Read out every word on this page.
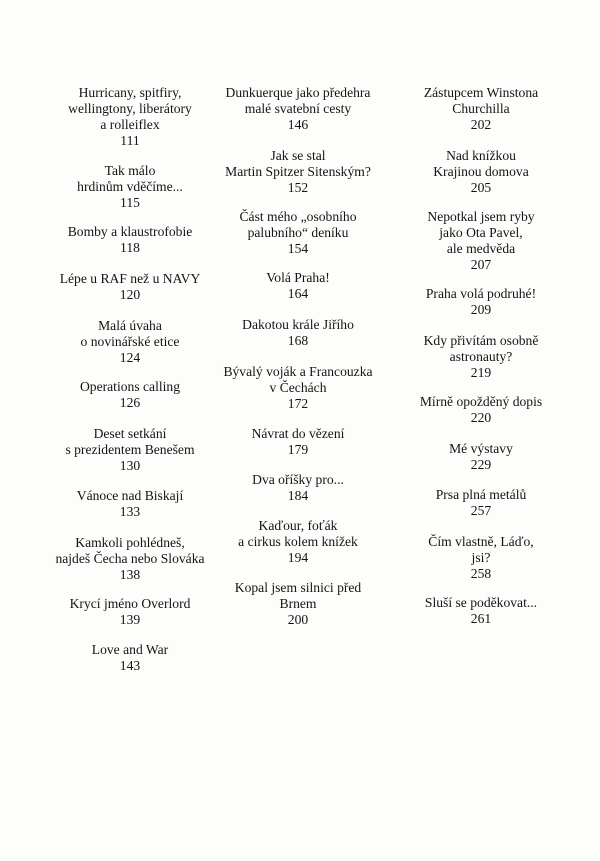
Hurricany, spitfiry,
wellingtony, liberátory
a rolleiflex
111
Tak málo
hrdinům vděčíme...
115
Bomby a klaustrofobie
118
Lépe u RAF než u NAVY
120
Malá úvaha
o novinářské etice
124
Operations calling
126
Deset setkání
s prezidentem Benešem
130
Vánoce nad Biskají
133
Kamkoli pohlédneš,
najdeš Čecha nebo Slováka
138
Krycí jméno Overlord
139
Love and War
143
Dunkuerque jako předehra
malé svatební cesty
146
Jak se stal
Martin Spitzer Sitenským?
152
Část mého „osobního
palubního“ deníku
154
Volá Praha!
164
Dakotou krále Jiřího
168
Bývalý voják a Francouzka
v Čechách
172
Návrat do vězení
179
Dva oříšky pro...
184
Kaďour, foťák
a cirkus kolem knížek
194
Kopal jsem silnici před
Brnem
200
Zástupcem Winstona
Churchilla
202
Nad knížkou
Krajinou domova
205
Nepotkal jsem ryby
jako Ota Pavel,
ale medvěda
207
Praha volá podruhé!
209
Kdy přivítám osobně
astronauty?
219
Mírně opožděný dopis
220
Mé výstavy
229
Prsa plná metálů
257
Čím vlastně, Láďo,
jsi?
258
Sluší se poděkovat...
261
